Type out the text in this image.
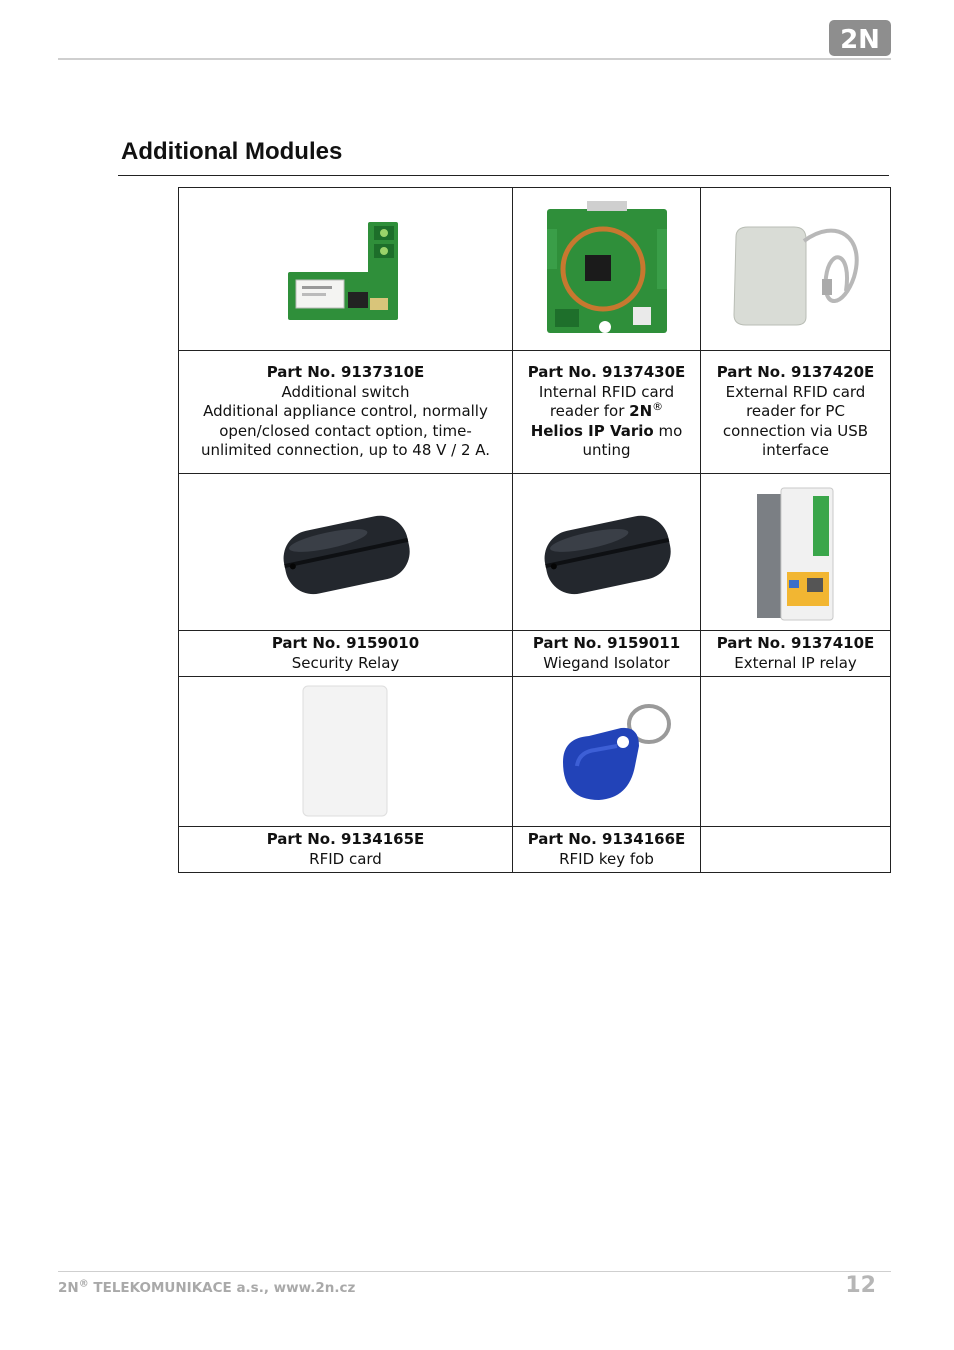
2N
Additional Modules

Part No. 9137310E
Additional switch
Additional appliance control, normally open/closed contact option, time-unlimited connection, up to 48 V / 2 A.	Part No. 9137430E
Internal RFID card
reader for 2N®
Helios IP Vario mo
unting	Part No. 9137420E
External RFID card reader for PC connection via USB interface

Part No. 9159010
Security Relay	Part No. 9159011
Wiegand Isolator	Part No. 9137410E
External IP relay

Part No. 9134165E
RFID card	Part No. 9134166E
RFID key fob	

2N® TELEKOMUNIKACE a.s., www.2n.cz	12
